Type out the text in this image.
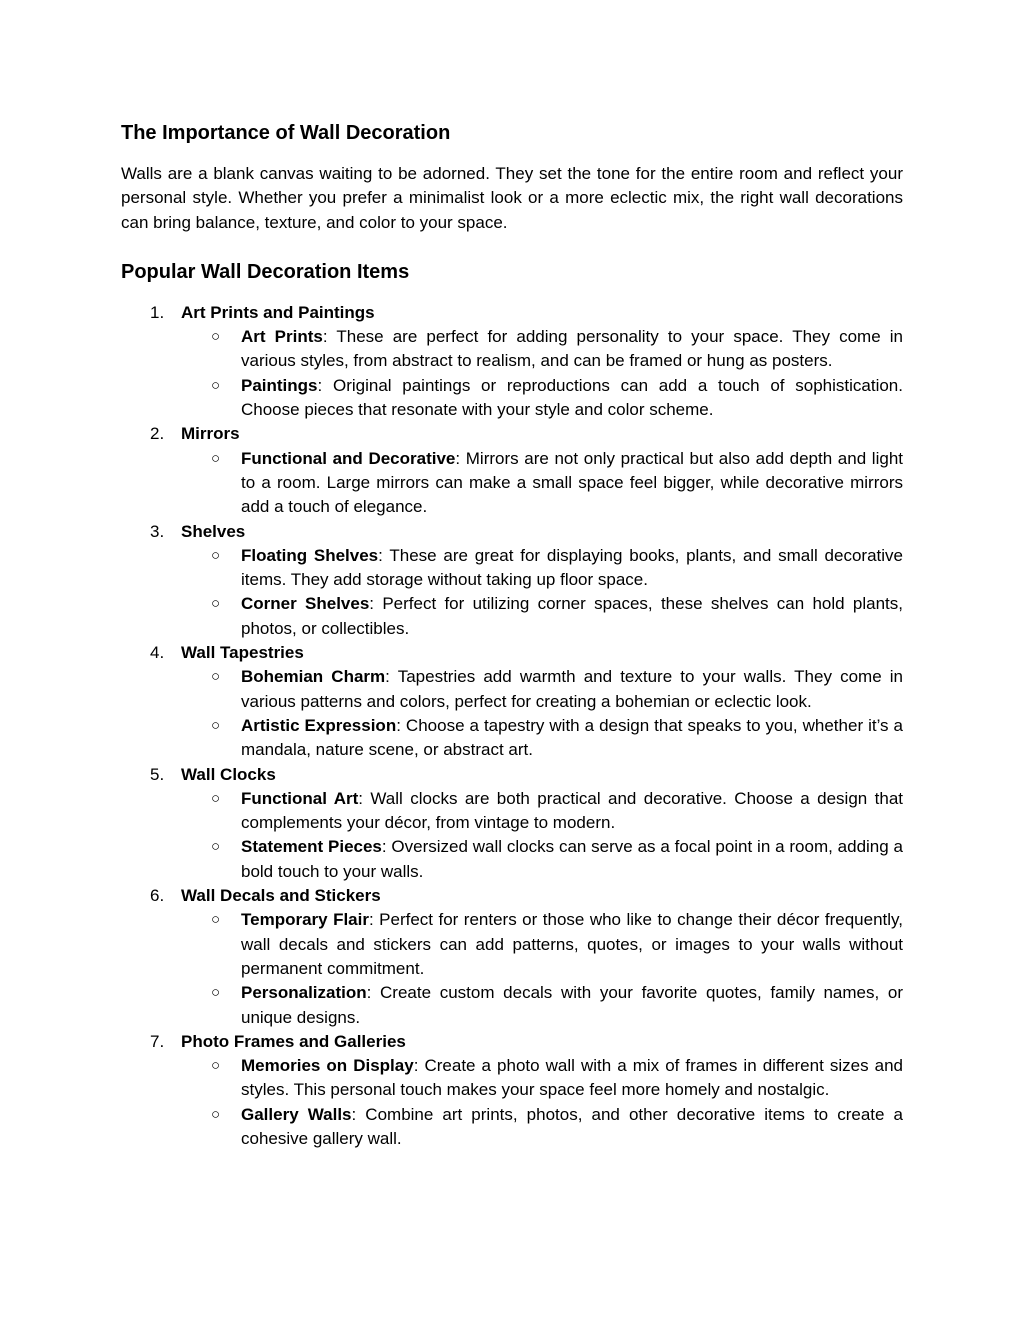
The Importance of Wall Decoration

Walls are a blank canvas waiting to be adorned. They set the tone for the entire room and reflect your personal style. Whether you prefer a minimalist look or a more eclectic mix, the right wall decorations can bring balance, texture, and color to your space.

Popular Wall Decoration Items
1. Art Prints and Paintings
○ Art Prints: These are perfect for adding personality to your space. They come in various styles, from abstract to realism, and can be framed or hung as posters.
○ Paintings: Original paintings or reproductions can add a touch of sophistication. Choose pieces that resonate with your style and color scheme.
2. Mirrors
○ Functional and Decorative: Mirrors are not only practical but also add depth and light to a room. Large mirrors can make a small space feel bigger, while decorative mirrors add a touch of elegance.
3. Shelves
○ Floating Shelves: These are great for displaying books, plants, and small decorative items. They add storage without taking up floor space.
○ Corner Shelves: Perfect for utilizing corner spaces, these shelves can hold plants, photos, or collectibles.
4. Wall Tapestries
○ Bohemian Charm: Tapestries add warmth and texture to your walls. They come in various patterns and colors, perfect for creating a bohemian or eclectic look.
○ Artistic Expression: Choose a tapestry with a design that speaks to you, whether it’s a mandala, nature scene, or abstract art.
5. Wall Clocks
○ Functional Art: Wall clocks are both practical and decorative. Choose a design that complements your décor, from vintage to modern.
○ Statement Pieces: Oversized wall clocks can serve as a focal point in a room, adding a bold touch to your walls.
6. Wall Decals and Stickers
○ Temporary Flair: Perfect for renters or those who like to change their décor frequently, wall decals and stickers can add patterns, quotes, or images to your walls without permanent commitment.
○ Personalization: Create custom decals with your favorite quotes, family names, or unique designs.
7. Photo Frames and Galleries
○ Memories on Display: Create a photo wall with a mix of frames in different sizes and styles. This personal touch makes your space feel more homely and nostalgic.
○ Gallery Walls: Combine art prints, photos, and other decorative items to create a cohesive gallery wall.
